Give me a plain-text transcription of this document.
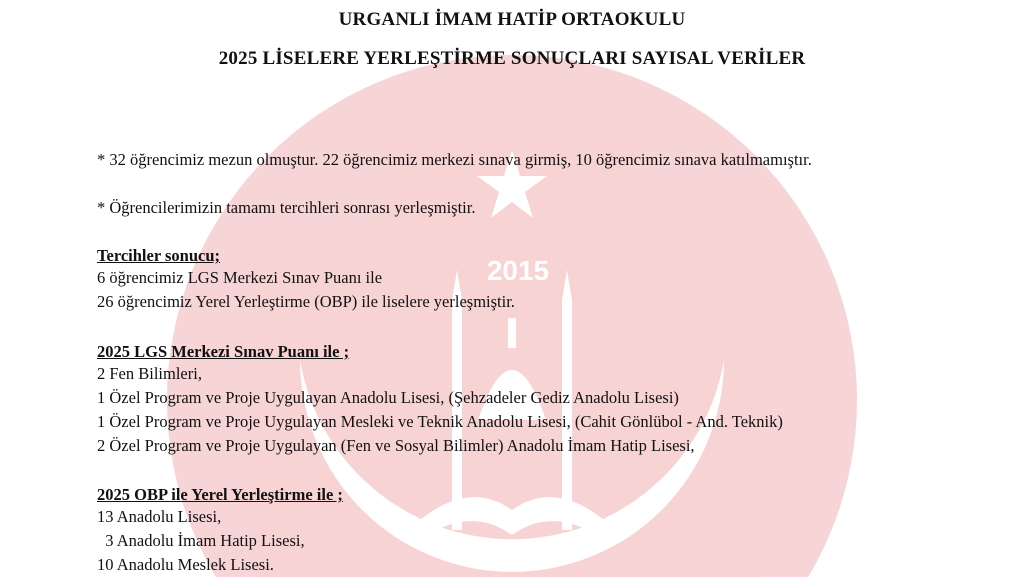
2015
URGANLI İMAM HATİP ORTAOKULU
2025 LİSELERE YERLEŞTİRME SONUÇLARI SAYISAL VERİLER

* 32 öğrencimiz mezun olmuştur. 22 öğrencimiz merkezi sınava girmiş, 10 öğrencimiz sınava katılmamıştır.

* Öğrencilerimizin tamamı tercihleri sonrası yerleşmiştir.

Tercihler sonucu;

6 öğrencimiz LGS Merkezi Sınav Puanı ile

26 öğrencimiz Yerel Yerleştirme (OBP) ile liselere yerleşmiştir.

2025 LGS Merkezi Sınav Puanı ile ;

2 Fen Bilimleri,

1 Özel Program ve Proje Uygulayan Anadolu Lisesi, (Şehzadeler Gediz Anadolu Lisesi)

1 Özel Program ve Proje Uygulayan Mesleki ve Teknik Anadolu Lisesi, (Cahit Gönlübol - And. Teknik)

2 Özel Program ve Proje Uygulayan (Fen ve Sosyal Bilimler) Anadolu İmam Hatip Lisesi,

2025 OBP ile Yerel Yerleştirme ile ;

13 Anadolu Lisesi,

3 Anadolu İmam Hatip Lisesi,

10 Anadolu Meslek Lisesi.
